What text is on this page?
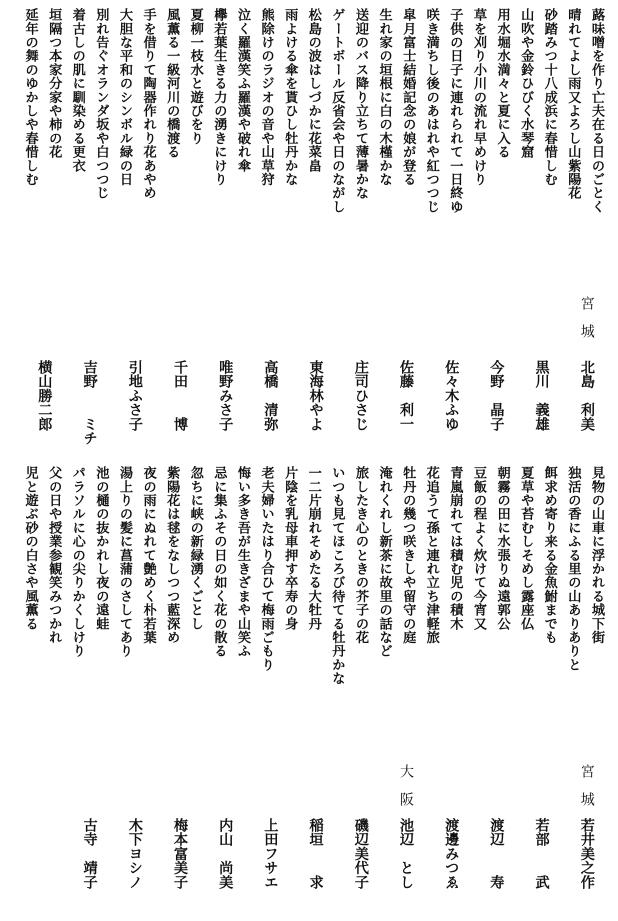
蕗味噌を作り亡夫在る日のごとく
晴れてよし雨又よろし山紫陽花
砂踏みつ十八成浜に春惜しむ
山吹や金鈴ひびく水琴窟
用水堀水満々と夏に入る
草を刈り小川の流れ早めけり
子供の日子に連れられて一日終ゆ
咲き満ちし後のあはれや紅つつじ
皐月富士結婚記念の娘が登る
生れ家の垣根に白の木槿かな
送迎のバス降り立ちて薄暑かな
ゲートボール反省会や日のながし
松島の波はしづかに花菜畠
雨よける傘を貰ひし牡丹かな
熊除けのラジオの音や山草狩
泣く羅漢笑ふ羅漢や破れ傘
欅若葉生きる力の湧きにけり
夏柳一枝水と遊びをり
風薫る一級河川の橋渡る
手を借りて陶器作れり花あやめ
大胆な平和のシンボル緑の日
別れ告ぐオランダ坂や白つつじ
着古しの肌に馴染める更衣
垣隔つ本家分家や柿の花
延年の舞のゆかしや春惜しむ
宮城
北島　利美
黒川　義雄
今野　晶子
佐々木ふゆ
佐藤　利一
庄司ひさじ
東海林やよ
高橋　清弥
唯野みさ子
千田　　博
引地ふさ子
吉野　　ミチ
横山勝二郎
見物の山車に浮かれる城下街
独活の香にふる里の山ありありと
餌求め寄り来る金魚鮒までも
夏草や苔むしそめし露座仏
朝霧の田に水張りぬ遠郭公
豆飯の程よく炊けて今宵又
青嵐崩れては積む児の積木
花追うて孫と連れ立ち津軽旅
牡丹の幾つ咲きしや留守の庭
淹れくれし新茶に故里の話など
旅したき心のときの芥子の花
いつも見てほころび待てる牡丹かな
一二片崩れそめたる大牡丹
片陰を乳母車押す卒寿の身
老夫婦いたはり合ひて梅雨ごもり
悔い多き吾が生きざまや山笑ふ
忌に集ふその日の如く花の散る
忽ちに峡の新緑湧くごとし
紫陽花は毬をなしつつ藍深め
夜の雨にぬれて艶めく朴若葉
湯上りの髪に菖蒲のさしてあり
池の樋の抜かれし夜の遠蛙
パラソルに心の尖りかくしけり
父の日や授業参観笑みつかれ
児と遊ぶ砂の白さや風薫る
宮城
若井美之作
若部　　武
渡辺　　寿
渡邊みつゑ
大阪
池辺　とし
磯辺美代子
稲垣　　求
上田フサエ
内山　尚美
梅本富美子
木下ヨシノ
古寺　靖子
